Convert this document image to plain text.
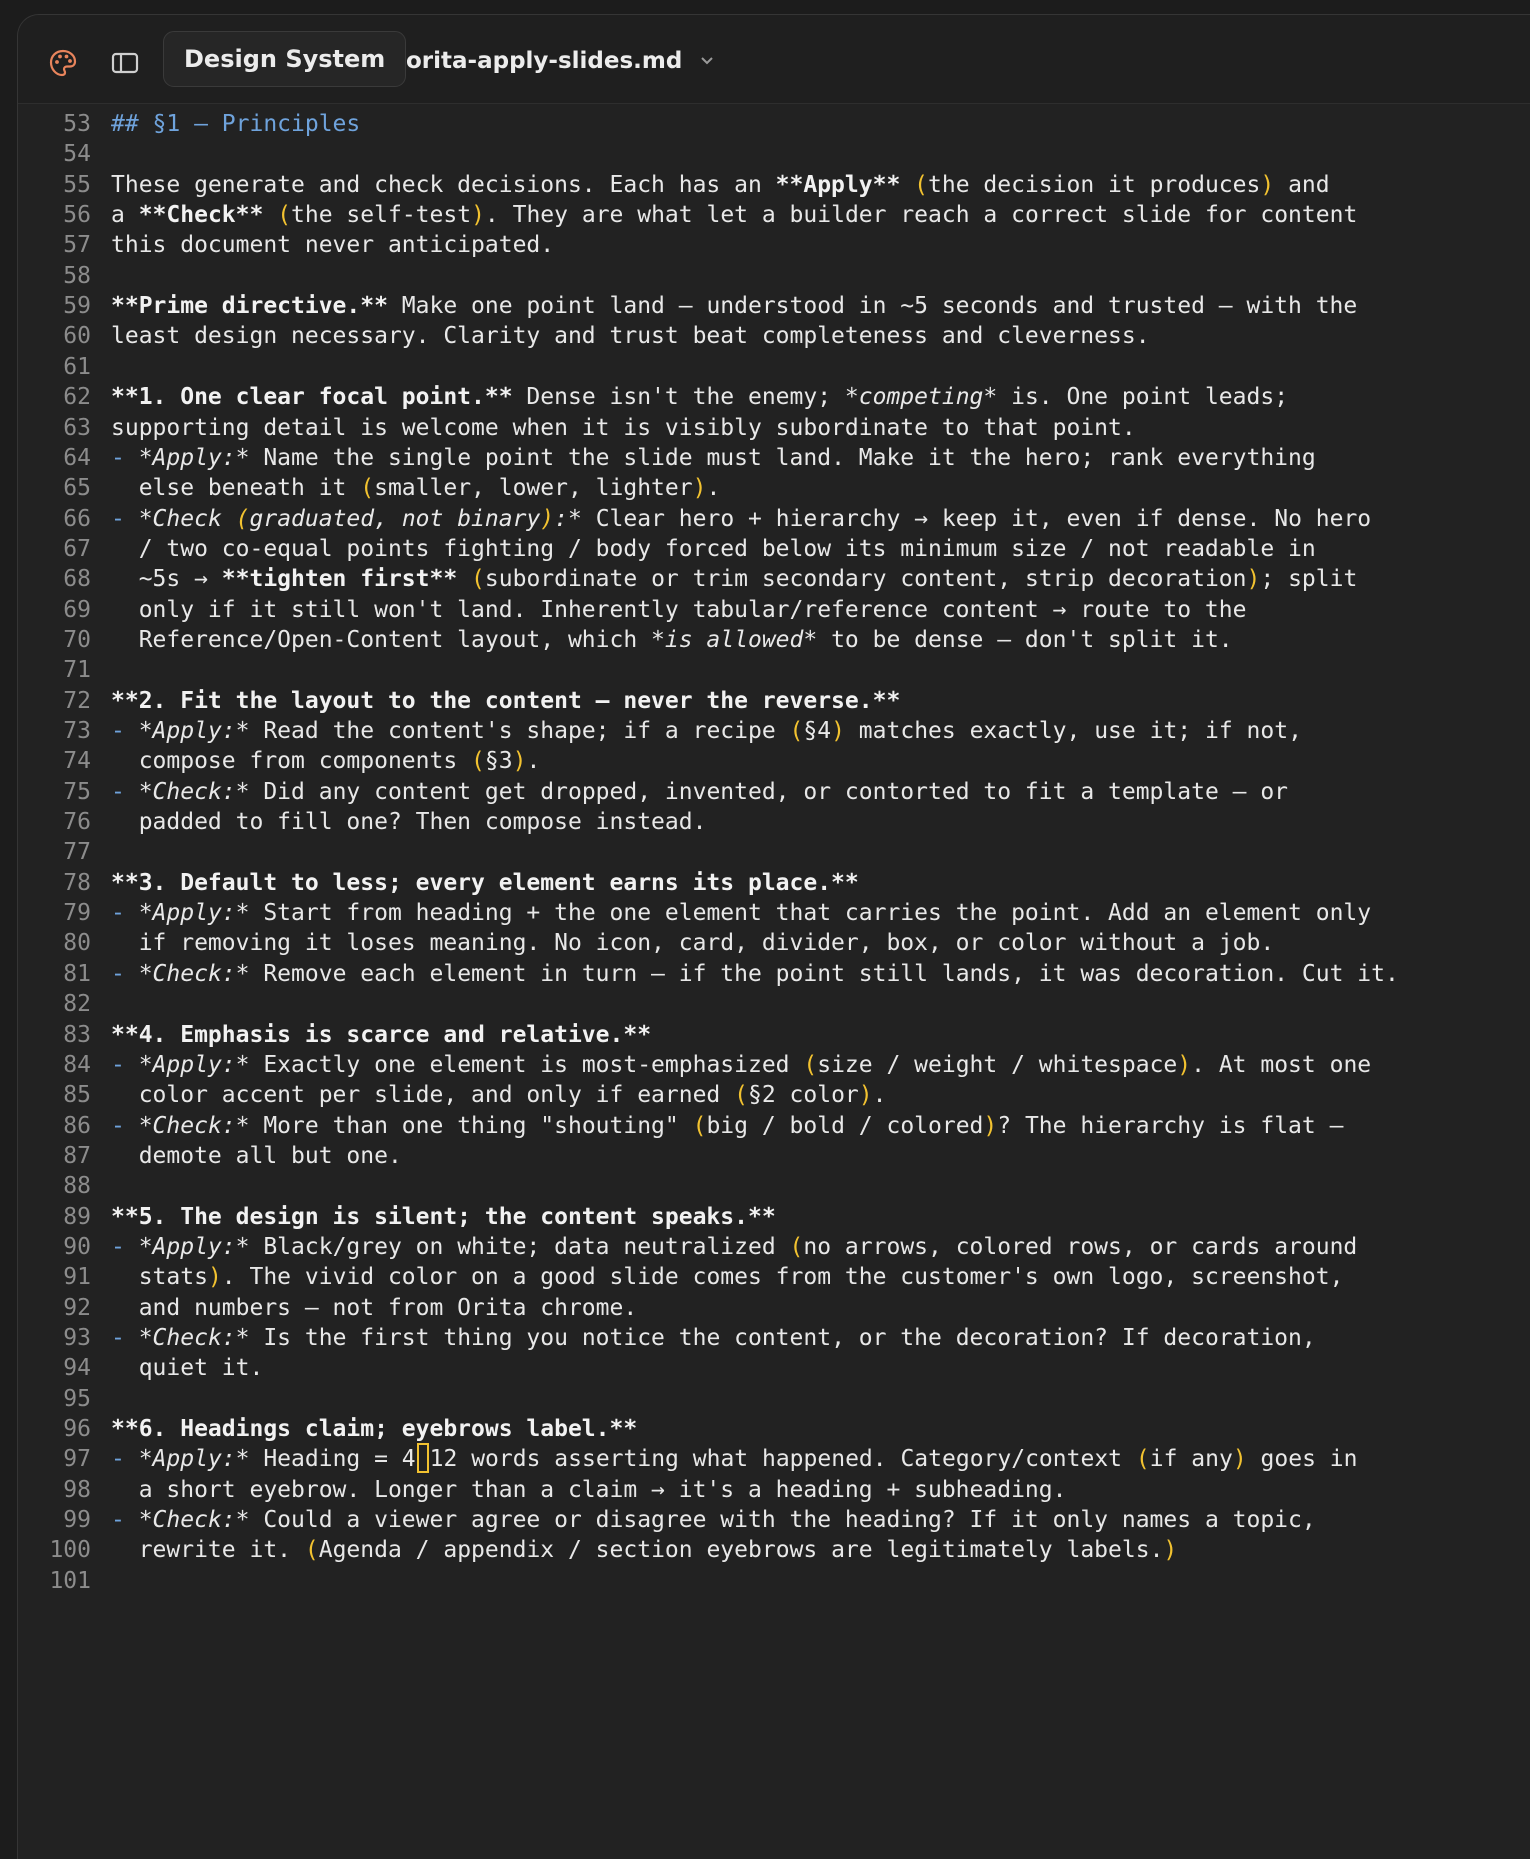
Design System orita-apply-slides.md
53 ## §1 — Principles
54
55 These generate and check decisions. Each has an **Apply** (the decision it produces) and
56 a **Check** (the self-test). They are what let a builder reach a correct slide for content
57 this document never anticipated.
58
59 **Prime directive.** Make one point land — understood in ~5 seconds and trusted — with the
60 least design necessary. Clarity and trust beat completeness and cleverness.
61
62 **1. One clear focal point.** Dense isn't the enemy; *competing* is. One point leads;
63 supporting detail is welcome when it is visibly subordinate to that point.
64 - *Apply:* Name the single point the slide must land. Make it the hero; rank everything
65 else beneath it (smaller, lower, lighter).
66 - *Check (graduated, not binary):* Clear hero + hierarchy → keep it, even if dense. No hero
67 / two co-equal points fighting / body forced below its minimum size / not readable in
68 ~5s → **tighten first** (subordinate or trim secondary content, strip decoration); split
69 only if it still won't land. Inherently tabular/reference content → route to the
70 Reference/Open-Content layout, which *is allowed* to be dense — don't split it.
71
72 **2. Fit the layout to the content — never the reverse.**
73 - *Apply:* Read the content's shape; if a recipe (§4) matches exactly, use it; if not,
74 compose from components (§3).
75 - *Check:* Did any content get dropped, invented, or contorted to fit a template — or
76 padded to fill one? Then compose instead.
77
78 **3. Default to less; every element earns its place.**
79 - *Apply:* Start from heading + the one element that carries the point. Add an element only
80 if removing it loses meaning. No icon, card, divider, box, or color without a job.
81 - *Check:* Remove each element in turn — if the point still lands, it was decoration. Cut it.
82
83 **4. Emphasis is scarce and relative.**
84 - *Apply:* Exactly one element is most-emphasized (size / weight / whitespace). At most one
85 color accent per slide, and only if earned (§2 color).
86 - *Check:* More than one thing "shouting" (big / bold / colored)? The hierarchy is flat —
87 demote all but one.
88
89 **5. The design is silent; the content speaks.**
90 - *Apply:* Black/grey on white; data neutralized (no arrows, colored rows, or cards around
91 stats). The vivid color on a good slide comes from the customer's own logo, screenshot,
92 and numbers — not from Orita chrome.
93 - *Check:* Is the first thing you notice the content, or the decoration? If decoration,
94 quiet it.
95
96 **6. Headings claim; eyebrows label.**
97 - *Apply:* Heading = 4 12 words asserting what happened. Category/context (if any) goes in
98 a short eyebrow. Longer than a claim → it's a heading + subheading.
99 - *Check:* Could a viewer agree or disagree with the heading? If it only names a topic,
100 rewrite it. (Agenda / appendix / section eyebrows are legitimately labels.)
101
